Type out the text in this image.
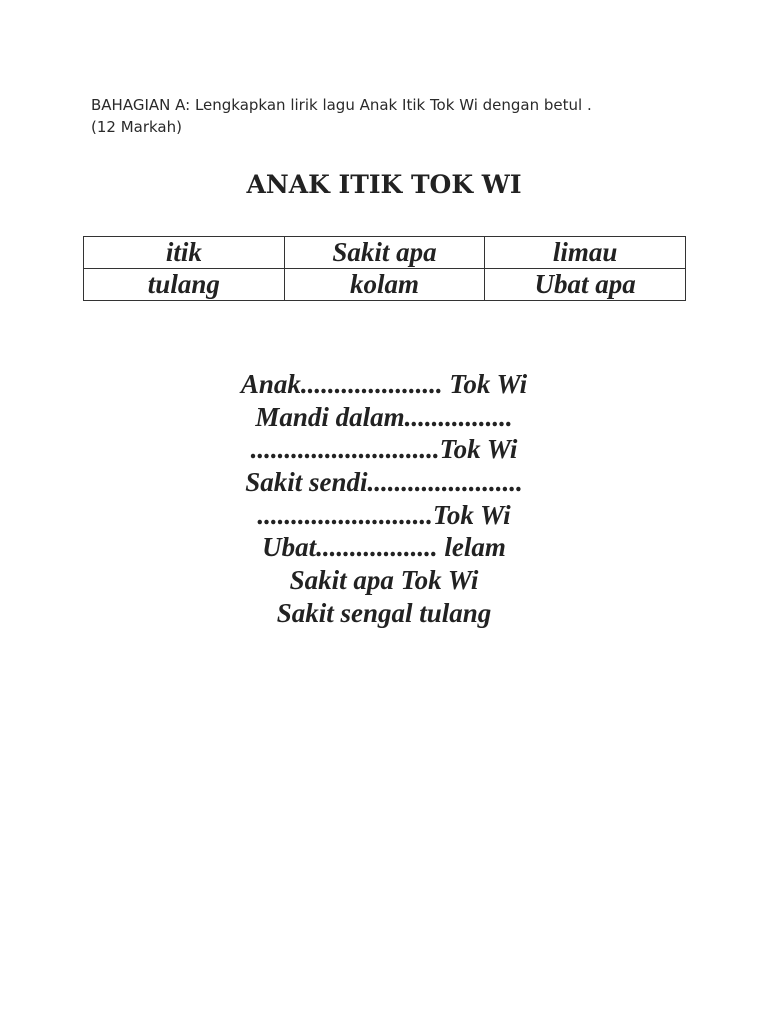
BAHAGIAN A: Lengkapkan lirik lagu Anak Itik Tok Wi dengan betul .
(12 Markah)
ANAK ITIK TOK WI
itik	Sakit apa	limau
tulang	kolam	Ubat apa
Anak..................... Tok Wi
Mandi dalam................
............................Tok Wi
Sakit sendi.......................
..........................Tok Wi
Ubat.................. lelam
Sakit apa Tok Wi
Sakit sengal tulang
